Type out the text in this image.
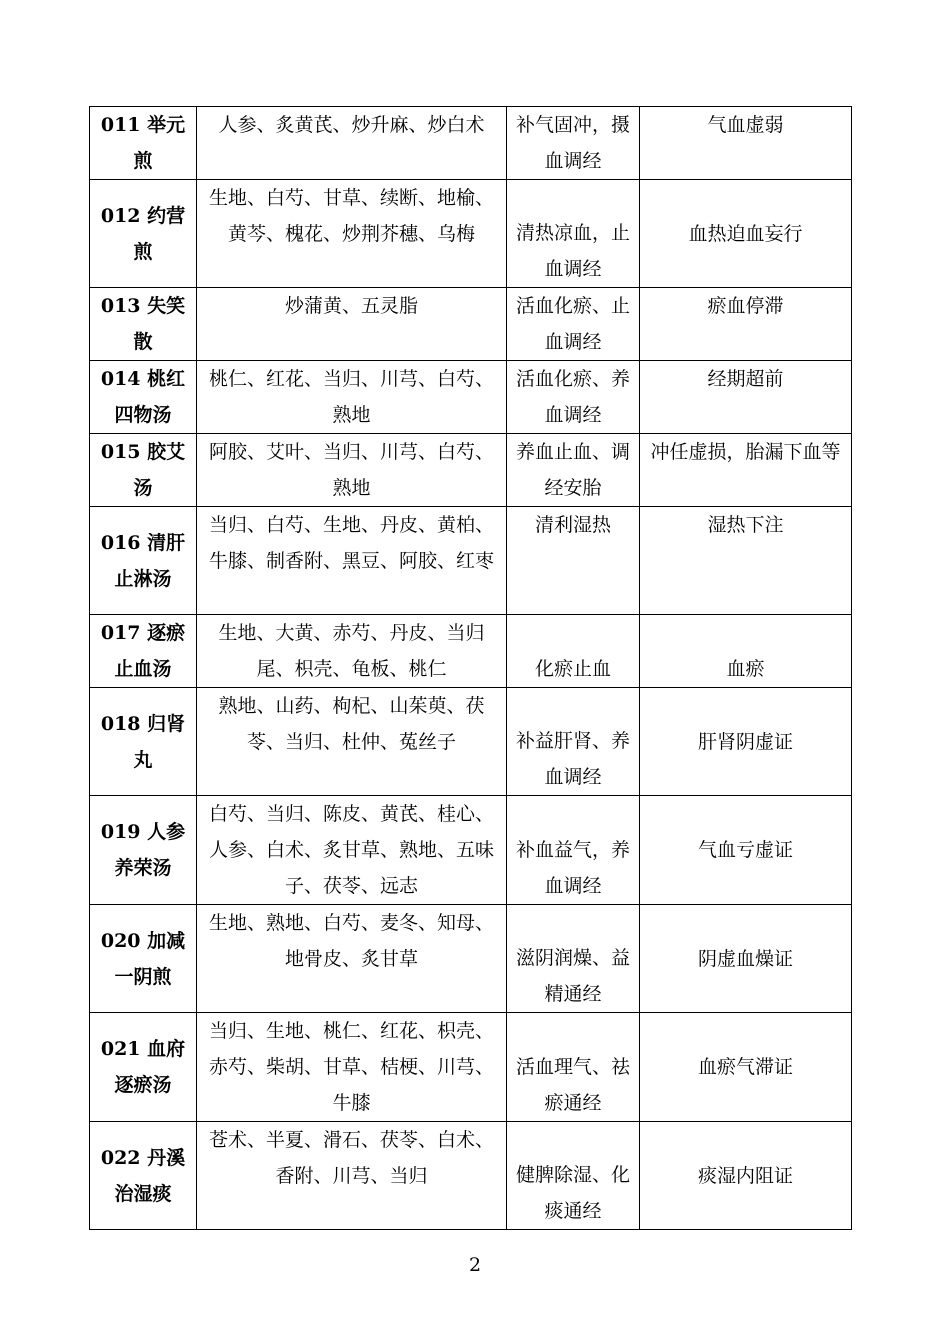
011 举元煎	人参、炙黄芪、炒升麻、炒白术	补气固冲，摄血调经	气血虚弱
012 约营煎	生地、白芍、甘草、续断、地榆、黄芩、槐花、炒荆芥穗、乌梅	清热凉血，止血调经	血热迫血妄行
013 失笑散	炒蒲黄、五灵脂	活血化瘀、止血调经	瘀血停滞
014 桃红四物汤	桃仁、红花、当归、川芎、白芍、熟地	活血化瘀、养血调经	经期超前
015 胶艾汤	阿胶、艾叶、当归、川芎、白芍、熟地	养血止血、调经安胎	冲任虚损，胎漏下血等
016 清肝止淋汤	当归、白芍、生地、丹皮、黄柏、牛膝、制香附、黑豆、阿胶、红枣	清利湿热	湿热下注
017 逐瘀止血汤	生地、大黄、赤芍、丹皮、当归尾、枳壳、龟板、桃仁	化瘀止血	血瘀
018 归肾丸	熟地、山药、枸杞、山茱萸、茯苓、当归、杜仲、菟丝子	补益肝肾、养血调经	肝肾阴虚证
019 人参养荣汤	白芍、当归、陈皮、黄芪、桂心、人参、白术、炙甘草、熟地、五味子、茯苓、远志	补血益气，养血调经	气血亏虚证
020 加减一阴煎	生地、熟地、白芍、麦冬、知母、地骨皮、炙甘草	滋阴润燥、益精通经	阴虚血燥证
021 血府逐瘀汤	当归、生地、桃仁、红花、枳壳、赤芍、柴胡、甘草、桔梗、川芎、牛膝	活血理气、祛瘀通经	血瘀气滞证
022 丹溪治湿痰	苍术、半夏、滑石、茯苓、白术、香附、川芎、当归	健脾除湿、化痰通经	痰湿内阻证
2
